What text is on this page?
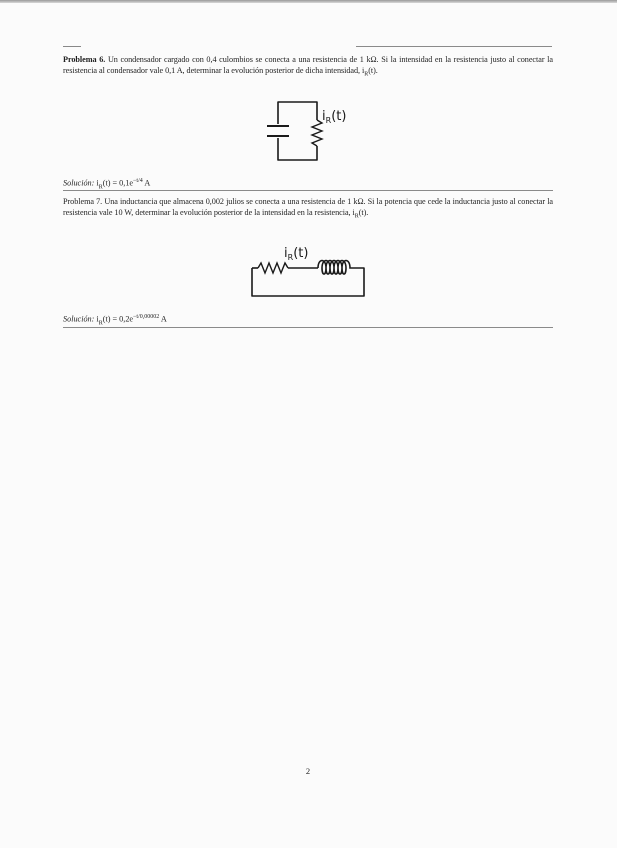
Problema 6. Un condensador cargado con 0,4 culombios se conecta a una resistencia de 1 kΩ. Si la intensidad en la resistencia justo al conectar la resistencia al condensador vale 0,1 A, determinar la evolución posterior de dicha intensidad, $i_R(t)$.
$i_R(t)$
Solución: $i_R(t) = 0,1e^{-t/4}$ A
Problema 7. Una inductancia que almacena 0,002 julios se conecta a una resistencia de 1 kΩ. Si la potencia que cede la inductancia justo al conectar la resistencia vale 10 W, determinar la evolución posterior de la intensidad en la resistencia, $i_R(t)$.
$i_R(t)$
Solución: $i_R(t) = 0,2e^{-t/0,00002}$ A
2
